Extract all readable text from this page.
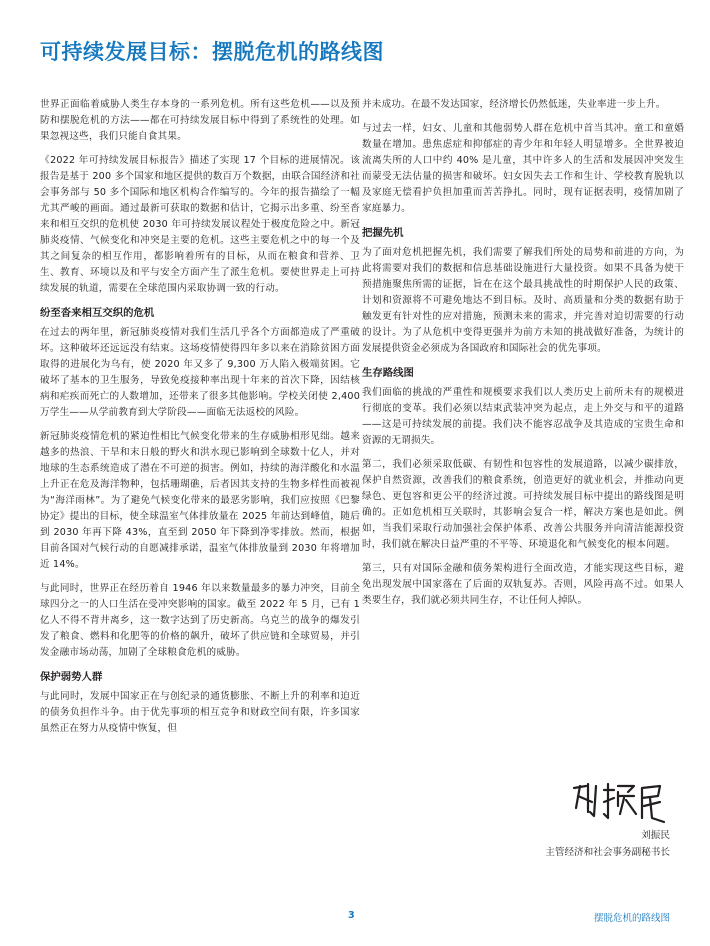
可持续发展目标：摆脱危机的路线图

世界正面临着威胁人类生存本身的一系列危机。所有这些危机——以及预防和摆脱危机的方法——都在可持续发展目标中得到了系统性的处理。如果忽视这些，我们只能自食其果。

《2022 年可持续发展目标报告》描述了实现 17 个目标的进展情况。该报告是基于 200 多个国家和地区提供的数百万个数据，由联合国经济和社会事务部与 50 多个国际和地区机构合作编写的。今年的报告描绘了一幅尤其严峻的画面。通过最新可获取的数据和估计，它揭示出多重、纷至沓来和相互交织的危机使 2030 年可持续发展议程处于极度危险之中。新冠肺炎疫情、气候变化和冲突是主要的危机。这些主要危机之中的每一个及其之间复杂的相互作用，都影响着所有的目标，从而在粮食和营养、卫生、教育、环境以及和平与安全方面产生了派生危机。要使世界走上可持续发展的轨道，需要在全球范围内采取协调一致的行动。

纷至沓来相互交织的危机

在过去的两年里，新冠肺炎疫情对我们生活几乎各个方面都造成了严重破坏。这种破坏还远远没有结束。这场疫情使得四年多以来在消除贫困方面取得的进展化为乌有，使 2020 年又多了 9,300 万人陷入极端贫困。它破坏了基本的卫生服务，导致免疫接种率出现十年来的首次下降，因结核病和疟疾而死亡的人数增加，还带来了很多其他影响。学校关闭使 2,400 万学生——从学前教育到大学阶段——面临无法返校的风险。

新冠肺炎疫情危机的紧迫性相比气候变化带来的生存威胁相形见绌。越来越多的热浪、干旱和末日般的野火和洪水现已影响到全球数十亿人，并对地球的生态系统造成了潜在不可逆的损害。例如，持续的海洋酸化和水温上升正在危及海洋物种，包括珊瑚礁，后者因其支持的生物多样性而被视为“海洋雨林”。为了避免气候变化带来的最恶劣影响，我们应按照《巴黎协定》提出的目标，使全球温室气体排放量在 2025 年前达到峰值，随后到 2030 年再下降 43%，直至到 2050 年下降到净零排放。然而，根据目前各国对气候行动的自愿减排承诺，温室气体排放量到 2030 年将增加近 14%。

与此同时，世界正在经历着自 1946 年以来数量最多的暴力冲突，目前全球四分之一的人口生活在受冲突影响的国家。截至 2022 年 5 月，已有 1 亿人不得不背井离乡，这一数字达到了历史新高。乌克兰的战争的爆发引发了粮食、燃料和化肥等的价格的飙升，破坏了供应链和全球贸易，并引发金融市场动荡，加剧了全球粮食危机的威胁。

保护弱势人群

与此同时，发展中国家正在与创纪录的通货膨胀、不断上升的利率和迫近的债务负担作斗争。由于优先事项的相互竞争和财政空间有限，许多国家虽然正在努力从疫情中恢复，但

并未成功。在最不发达国家，经济增长仍然低迷，失业率进一步上升。

与过去一样，妇女、儿童和其他弱势人群在危机中首当其冲。童工和童婚数量在增加。患焦虑症和抑郁症的青少年和年轻人明显增多。全世界被迫流离失所的人口中约 40% 是儿童，其中许多人的生活和发展因冲突发生而蒙受无法估量的损害和破坏。妇女因失去工作和生计、学校教育脱轨以及家庭无偿看护负担加重而苦苦挣扎。同时，现有证据表明，疫情加剧了家庭暴力。

把握先机

为了面对危机把握先机，我们需要了解我们所处的局势和前进的方向，为此将需要对我们的数据和信息基础设施进行大量投资。如果不具备为使干预措施聚焦所需的证据，旨在在这个最具挑战性的时期保护人民的政策、计划和资源将不可避免地达不到目标。及时、高质量和分类的数据有助于触发更有针对性的应对措施，预测未来的需求，并完善对迫切需要的行动的设计。为了从危机中变得更强并为前方未知的挑战做好准备，为统计的发展提供资金必须成为各国政府和国际社会的优先事项。

生存路线图

我们面临的挑战的严重性和规模要求我们以人类历史上前所未有的规模进行彻底的变革。我们必须以结束武装冲突为起点，走上外交与和平的道路——这是可持续发展的前提。我们决不能容忍战争及其造成的宝贵生命和资源的无谓损失。

第二，我们必须采取低碳、有韧性和包容性的发展道路，以减少碳排放，保护自然资源，改善我们的粮食系统，创造更好的就业机会，并推动向更绿色、更包容和更公平的经济过渡。可持续发展目标中提出的路线图是明确的。正如危机相互关联时，其影响会复合一样，解决方案也是如此。例如，当我们采取行动加强社会保护体系、改善公共服务并向清洁能源投资时，我们就在解决日益严重的不平等、环境退化和气候变化的根本问题。

第三，只有对国际金融和债务架构进行全面改造，才能实现这些目标，避免出现发展中国家落在了后面的双轨复苏。否则，风险再高不过。如果人类要生存，我们就必须共同生存，不让任何人掉队。

刘振民
主管经济和社会事务副秘书长
3	摆脱危机的路线图
